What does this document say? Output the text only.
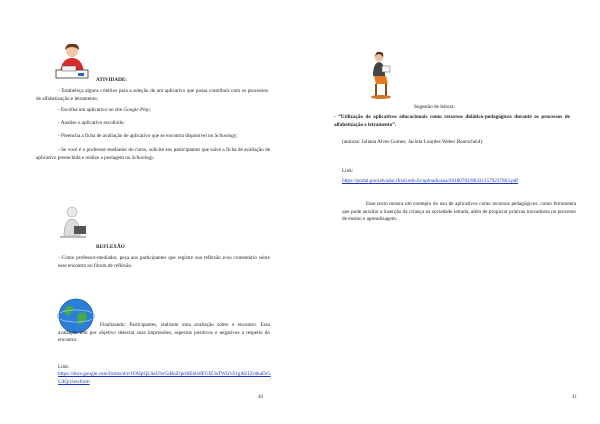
ATIVIDADE:
- Estabeleça alguns critérios para a seleção de um aplicativo que possa contribuir com os processos de alfabetização e letramento;
- Escolha um aplicativo no site Google Play;
- Analise o aplicativo escolhido;
- Preencha a ficha de avaliação de aplicativo que se encontra disponível no Schoology;
- Se você é o professor-mediador do curso, solicite aos participantes que salve a ficha de avaliação de aplicativo preenchida e realize a postagem no Schoology.
REFLEXÃO
- Como professor-mediador, peça aos participantes que registre sua reflexão e/ou comentário sobre esse encontro no fórum de reflexão.
Finalizando: Participantes, realizem uma avaliação sobre o encontro. Essa avaliação tem por objetivo detectar suas impressões, aspectos positivos e negativos a respeito do encontro.
Link:
https://docs.google.com/forms/d/e/1FAIpQLSeUhvGiBnZrprIbEhlx8FGfZ3sTWi2vS1gAE1ZotkaDc5U4Q/viewform
40
Sugestão de leitura:
- “Utilização de aplicativos educacionais como recursos didático-pedagógicos durante os processos de alfabetização e letramento”.
(autoras: Juliana Alves Gomes; Jacinta Lourdes Weber Bourscheid).
Link:
https://portal.pucsalvador.ifrsul.edu.br/uploads/ana/20180702/803311579237863.pdf
Esse texto mostra um exemplo do uso de aplicativos como recursos pedagógicos, como ferramenta que pode auxiliar a inserção da criança na sociedade letrada, além de propiciar práticas inovadoras no processo de ensino e aprendizagem.
41
